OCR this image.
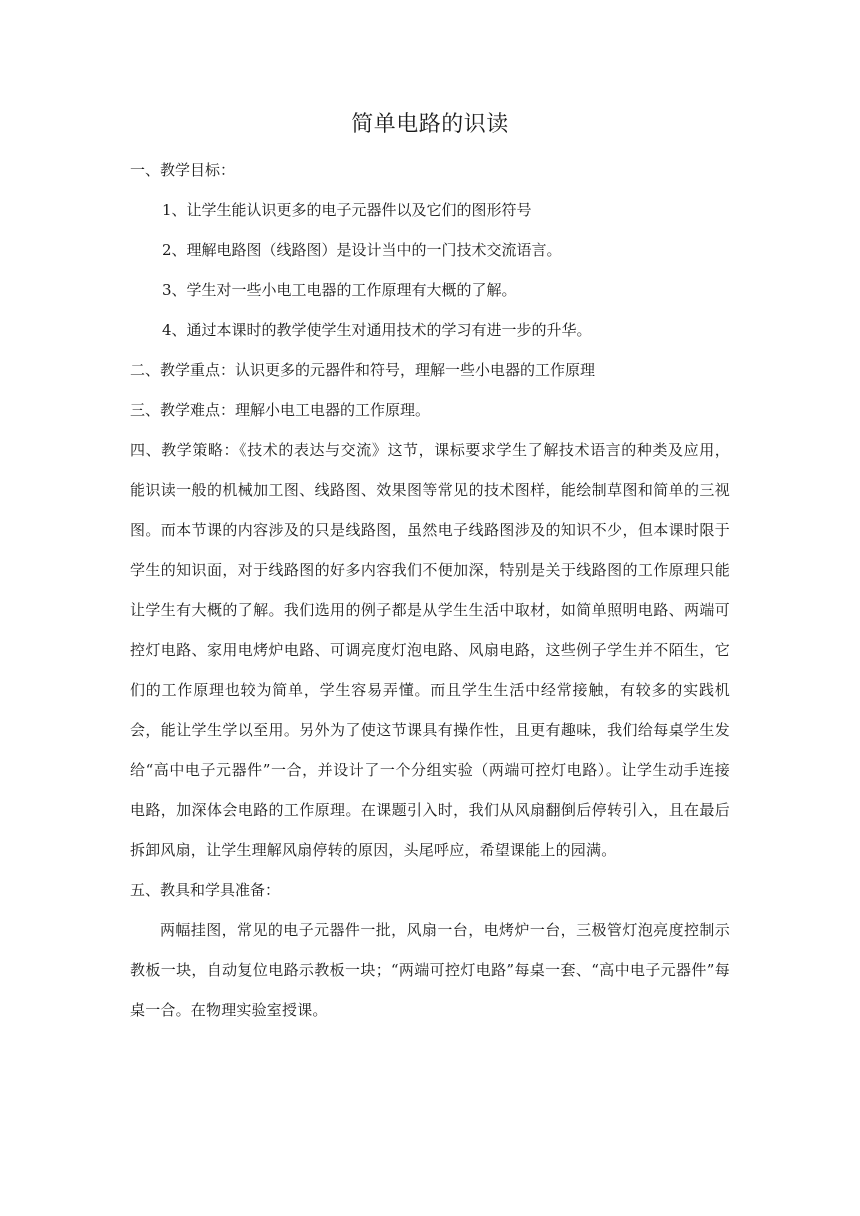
简单电路的识读

一、教学目标：

1、让学生能认识更多的电子元器件以及它们的图形符号

2、理解电路图（线路图）是设计当中的一门技术交流语言。

3、学生对一些小电工电器的工作原理有大概的了解。

4、通过本课时的教学使学生对通用技术的学习有进一步的升华。

二、教学重点：认识更多的元器件和符号，理解一些小电器的工作原理

三、教学难点：理解小电工电器的工作原理。

四、教学策略：《技术的表达与交流》这节，课标要求学生了解技术语言的种类及应用，能识读一般的机械加工图、线路图、效果图等常见的技术图样，能绘制草图和简单的三视图。而本节课的内容涉及的只是线路图，虽然电子线路图涉及的知识不少，但本课时限于学生的知识面，对于线路图的好多内容我们不便加深，特别是关于线路图的工作原理只能让学生有大概的了解。我们选用的例子都是从学生生活中取材，如简单照明电路、两端可控灯电路、家用电烤炉电路、可调亮度灯泡电路、风扇电路，这些例子学生并不陌生，它们的工作原理也较为简单，学生容易弄懂。而且学生生活中经常接触，有较多的实践机会，能让学生学以至用。另外为了使这节课具有操作性，且更有趣味，我们给每桌学生发给“高中电子元器件”一合，并设计了一个分组实验（两端可控灯电路）。让学生动手连接电路，加深体会电路的工作原理。在课题引入时，我们从风扇翻倒后停转引入，且在最后拆卸风扇，让学生理解风扇停转的原因，头尾呼应，希望课能上的园满。

五、教具和学具准备：

两幅挂图，常见的电子元器件一批，风扇一台，电烤炉一台，三极管灯泡亮度控制示教板一块，自动复位电路示教板一块；“两端可控灯电路”每桌一套、“高中电子元器件”每桌一合。在物理实验室授课。
